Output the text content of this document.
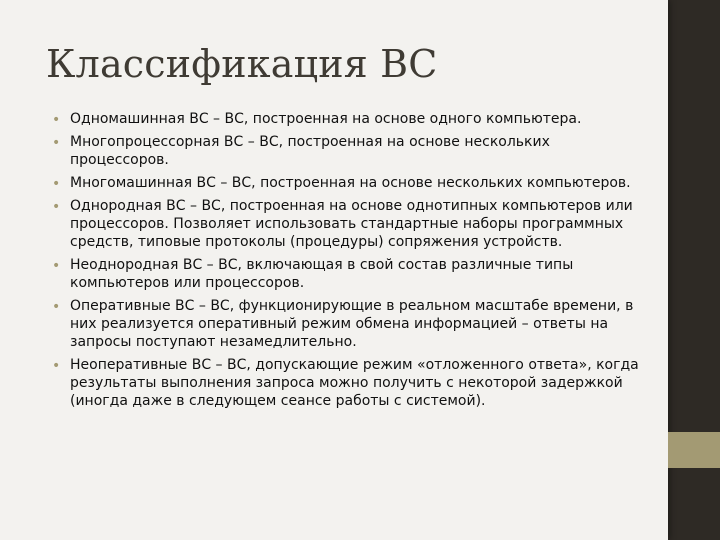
Классификация ВС
• Одномашинная ВС – ВС, построенная на основе одного компьютера.
• Многопроцессорная ВС – ВС, построенная на основе нескольких процессоров.
• Многомашинная ВС – ВС, построенная на основе нескольких компьютеров.
• Однородная ВС – ВС, построенная на основе однотипных компьютеров или процессоров. Позволяет использовать стандартные наборы программных средств, типовые протоколы (процедуры) сопряжения устройств.
• Неоднородная ВС – ВС, включающая в свой состав различные типы компьютеров или процессоров.
• Оперативные ВС – ВС, функционирующие в реальном масштабе времени, в них реализуется оперативный режим обмена информацией – ответы на запросы поступают незамедлительно.
• Неоперативные ВС – ВС, допускающие режим «отложенного ответа», когда результаты выполнения запроса можно получить с некоторой задержкой (иногда даже в следующем сеансе работы с системой).
